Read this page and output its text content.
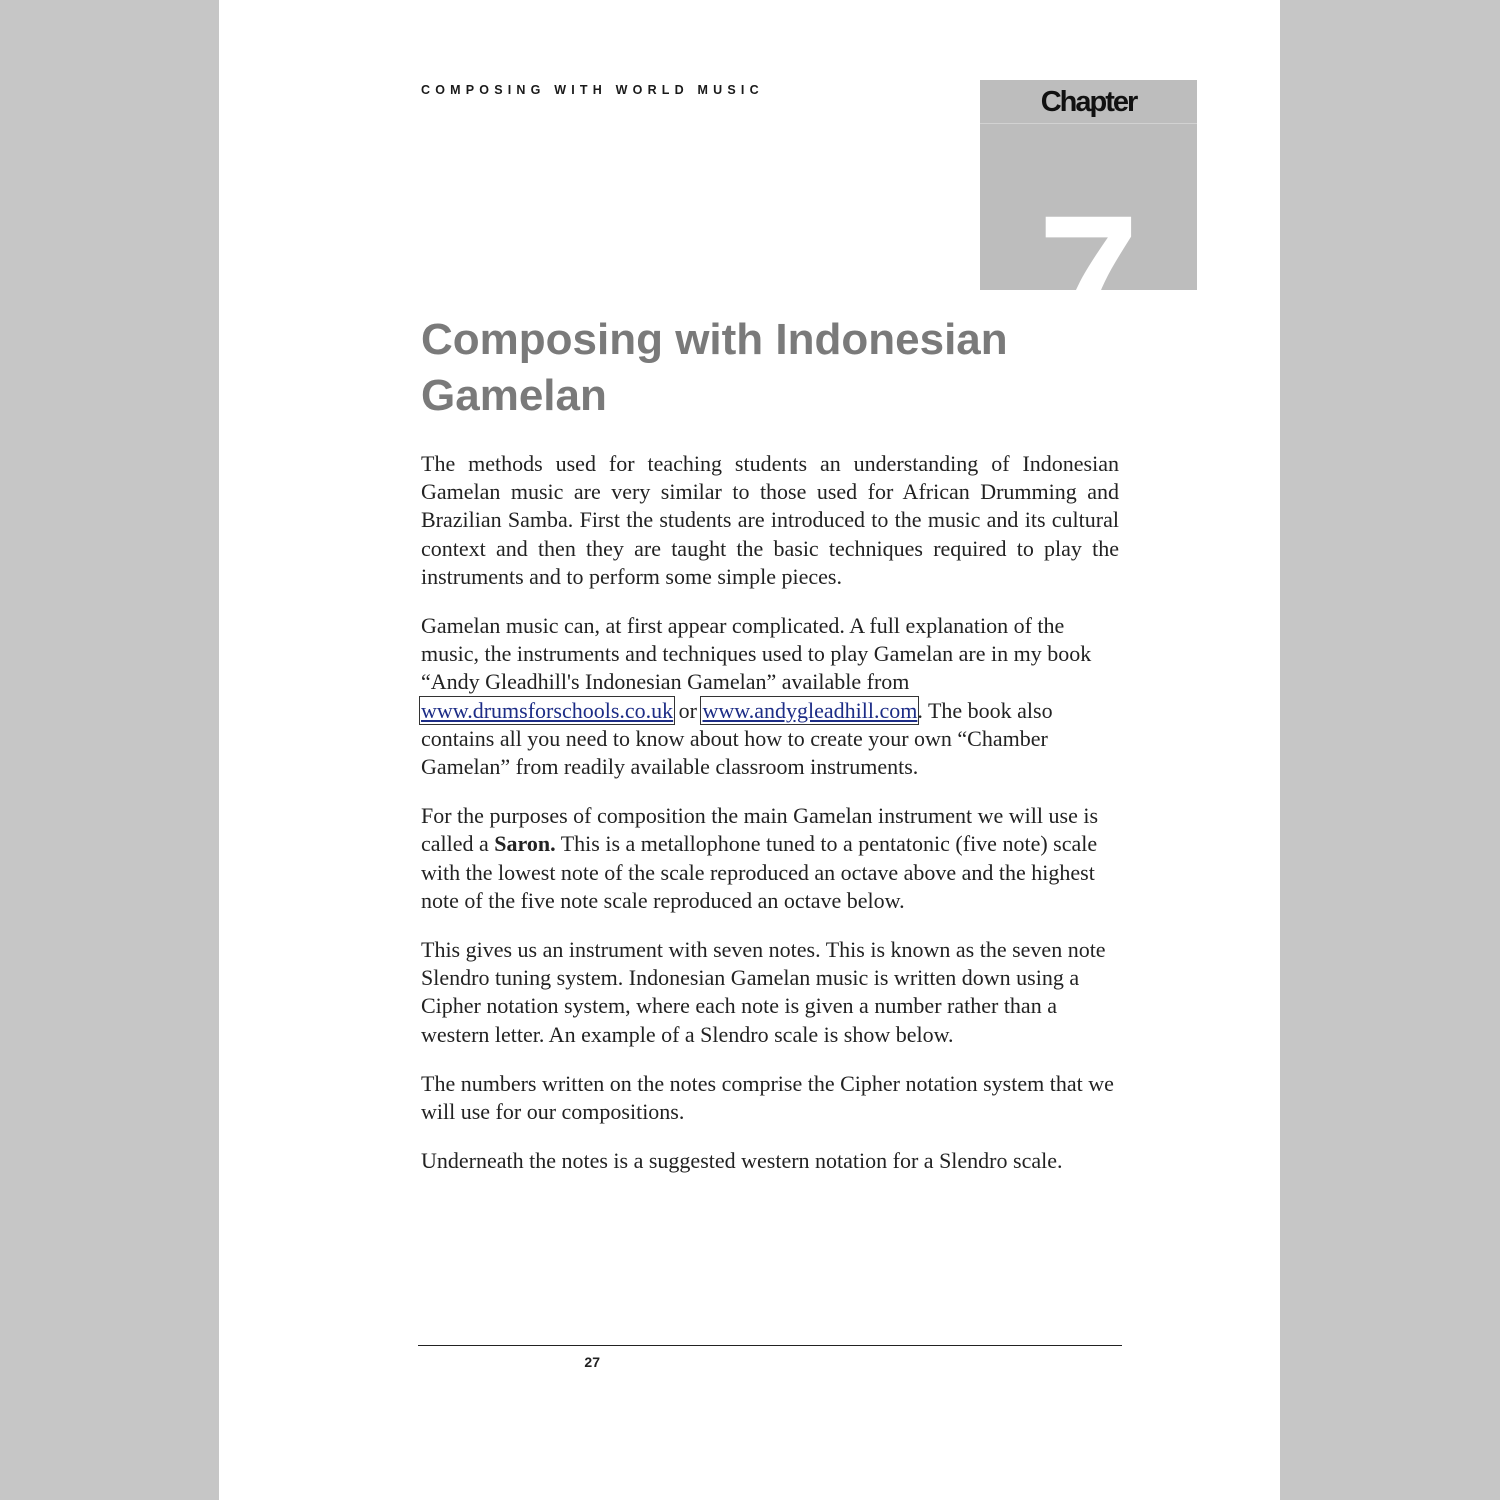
COMPOSING WITH WORLD MUSIC	Chapter
7
Composing with Indonesian
Gamelan

The methods used for teaching students an understanding of Indonesian Gamelan music are very similar to those used for African Drumming and Brazilian Samba. First the students are introduced to the music and its cultural context and then they are taught the basic techniques required to play the instruments and to perform some simple pieces.

Gamelan music can, at first appear complicated. A full explanation of the music, the instruments and techniques used to play Gamelan are in my book “Andy Gleadhill's Indonesian Gamelan” available from www.drumsforschools.co.uk or www.andygleadhill.com. The book also contains all you need to know about how to create your own “Chamber Gamelan” from readily available classroom instruments.

For the purposes of composition the main Gamelan instrument we will use is called a Saron. This is a metallophone tuned to a pentatonic (five note) scale with the lowest note of the scale reproduced an octave above and the highest note of the five note scale reproduced an octave below.

This gives us an instrument with seven notes. This is known as the seven note Slendro tuning system. Indonesian Gamelan music is written down using a Cipher notation system, where each note is given a number rather than a western letter. An example of a Slendro scale is show below.

The numbers written on the notes comprise the Cipher notation system that we will use for our compositions.

Underneath the notes is a suggested western notation for a Slendro scale.

27
